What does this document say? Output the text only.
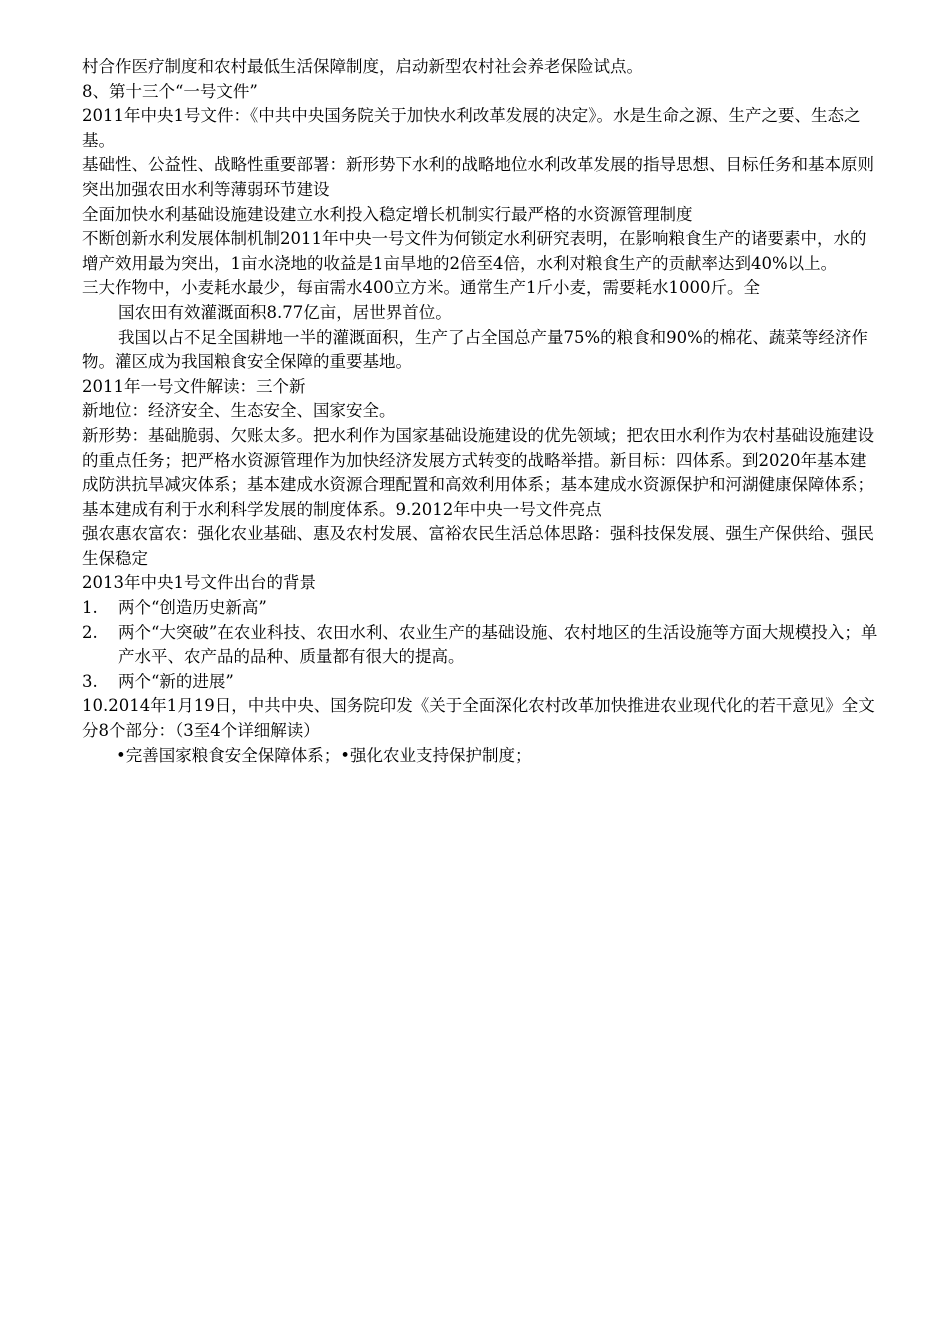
村合作医疗制度和农村最低生活保障制度，启动新型农村社会养老保险试点。

8、第十三个“一号文件”

2011年中央1号文件：《中共中央国务院关于加快水利改革发展的决定》。水是生命之源、生产之要、生态之基。

基础性、公益性、战略性重要部署：新形势下水利的战略地位水利改革发展的指导思想、目标任务和基本原则突出加强农田水利等薄弱环节建设

全面加快水利基础设施建设建立水利投入稳定增长机制实行最严格的水资源管理制度

不断创新水利发展体制机制2011年中央一号文件为何锁定水利研究表明，在影响粮食生产的诸要素中，水的增产效用最为突出，1亩水浇地的收益是1亩旱地的2倍至4倍，水利对粮食生产的贡献率达到40%以上。

三大作物中，小麦耗水最少，每亩需水400立方米。通常生产1斤小麦，需要耗水1000斤。全
国农田有效灌溉面积8.77亿亩，居世界首位。

我国以占不足全国耕地一半的灌溉面积，生产了占全国总产量75%的粮食和90%的棉花、蔬菜等经济作物。灌区成为我国粮食安全保障的重要基地。

2011年一号文件解读：三个新

新地位：经济安全、生态安全、国家安全。

新形势：基础脆弱、欠账太多。把水利作为国家基础设施建设的优先领域；把农田水利作为农村基础设施建设的重点任务；把严格水资源管理作为加快经济发展方式转变的战略举措。新目标：四体系。到2020年基本建成防洪抗旱减灾体系；基本建成水资源合理配置和高效利用体系；基本建成水资源保护和河湖健康保障体系；基本建成有利于水利科学发展的制度体系。9.2012年中央一号文件亮点

强农惠农富农：强化农业基础、惠及农村发展、富裕农民生活总体思路：强科技保发展、强生产保供给、强民生保稳定

2013年中央1号文件出台的背景

1.	两个“创造历史新高”
2.	两个“大突破”在农业科技、农田水利、农业生产的基础设施、农村地区的生活设施等方面大规模投入；单产水平、农产品的品种、质量都有很大的提高。
3.	两个“新的进展”

10.2014年1月19日，中共中央、国务院印发《关于全面深化农村改革加快推进农业现代化的若干意见》全文分8个部分：（3至4个详细解读）

•完善国家粮食安全保障体系；•强化农业支持保护制度；
